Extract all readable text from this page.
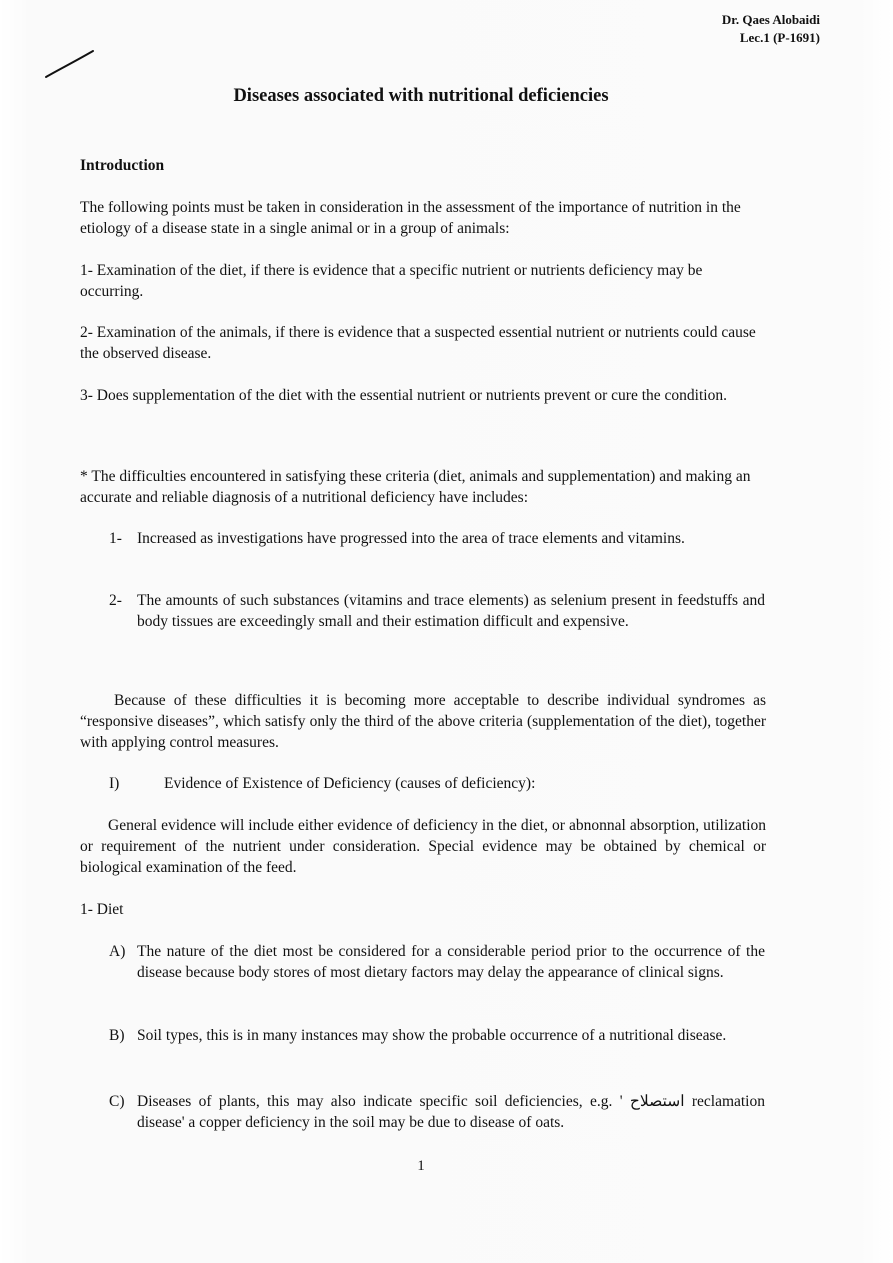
Dr. Qaes Alobaidi
Lec.1 (P-1691)
Diseases associated with nutritional deficiencies
Introduction
The following points must be taken in consideration in the assessment of the importance of nutrition in the etiology of a disease state in a single animal or in a group of animals:
1- Examination of the diet, if there is evidence that a specific nutrient or nutrients deficiency may be occurring.
2- Examination of the animals, if there is evidence that a suspected essential nutrient or nutrients could cause the observed disease.
3- Does supplementation of the diet with the essential nutrient or nutrients prevent or cure the condition.
* The difficulties encountered in satisfying these criteria (diet, animals and supplementation) and making an accurate and reliable diagnosis of a nutritional deficiency have includes:
1- Increased as investigations have progressed into the area of trace elements and vitamins.
2- The amounts of such substances (vitamins and trace elements) as selenium present in feedstuffs and body tissues are exceedingly small and their estimation difficult and expensive.
Because of these difficulties it is becoming more acceptable to describe individual syndromes as “responsive diseases”, which satisfy only the third of the above criteria (supplementation of the diet), together with applying control measures.
I)	Evidence of Existence of Deficiency (causes of deficiency):
General evidence will include either evidence of deficiency in the diet, or abnonnal absorption, utilization or requirement of the nutrient under consideration. Special evidence may be obtained by chemical or biological examination of the feed.
1- Diet
A) The nature of the diet most be considered for a considerable period prior to the occurrence of the disease because body stores of most dietary factors may delay the appearance of clinical signs.
B) Soil types, this is in many instances may show the probable occurrence of a nutritional disease.
C) Diseases of plants, this may also indicate specific soil deficiencies, e.g. ' استصلاح reclamation disease' a copper deficiency in the soil may be due to disease of oats.
1
